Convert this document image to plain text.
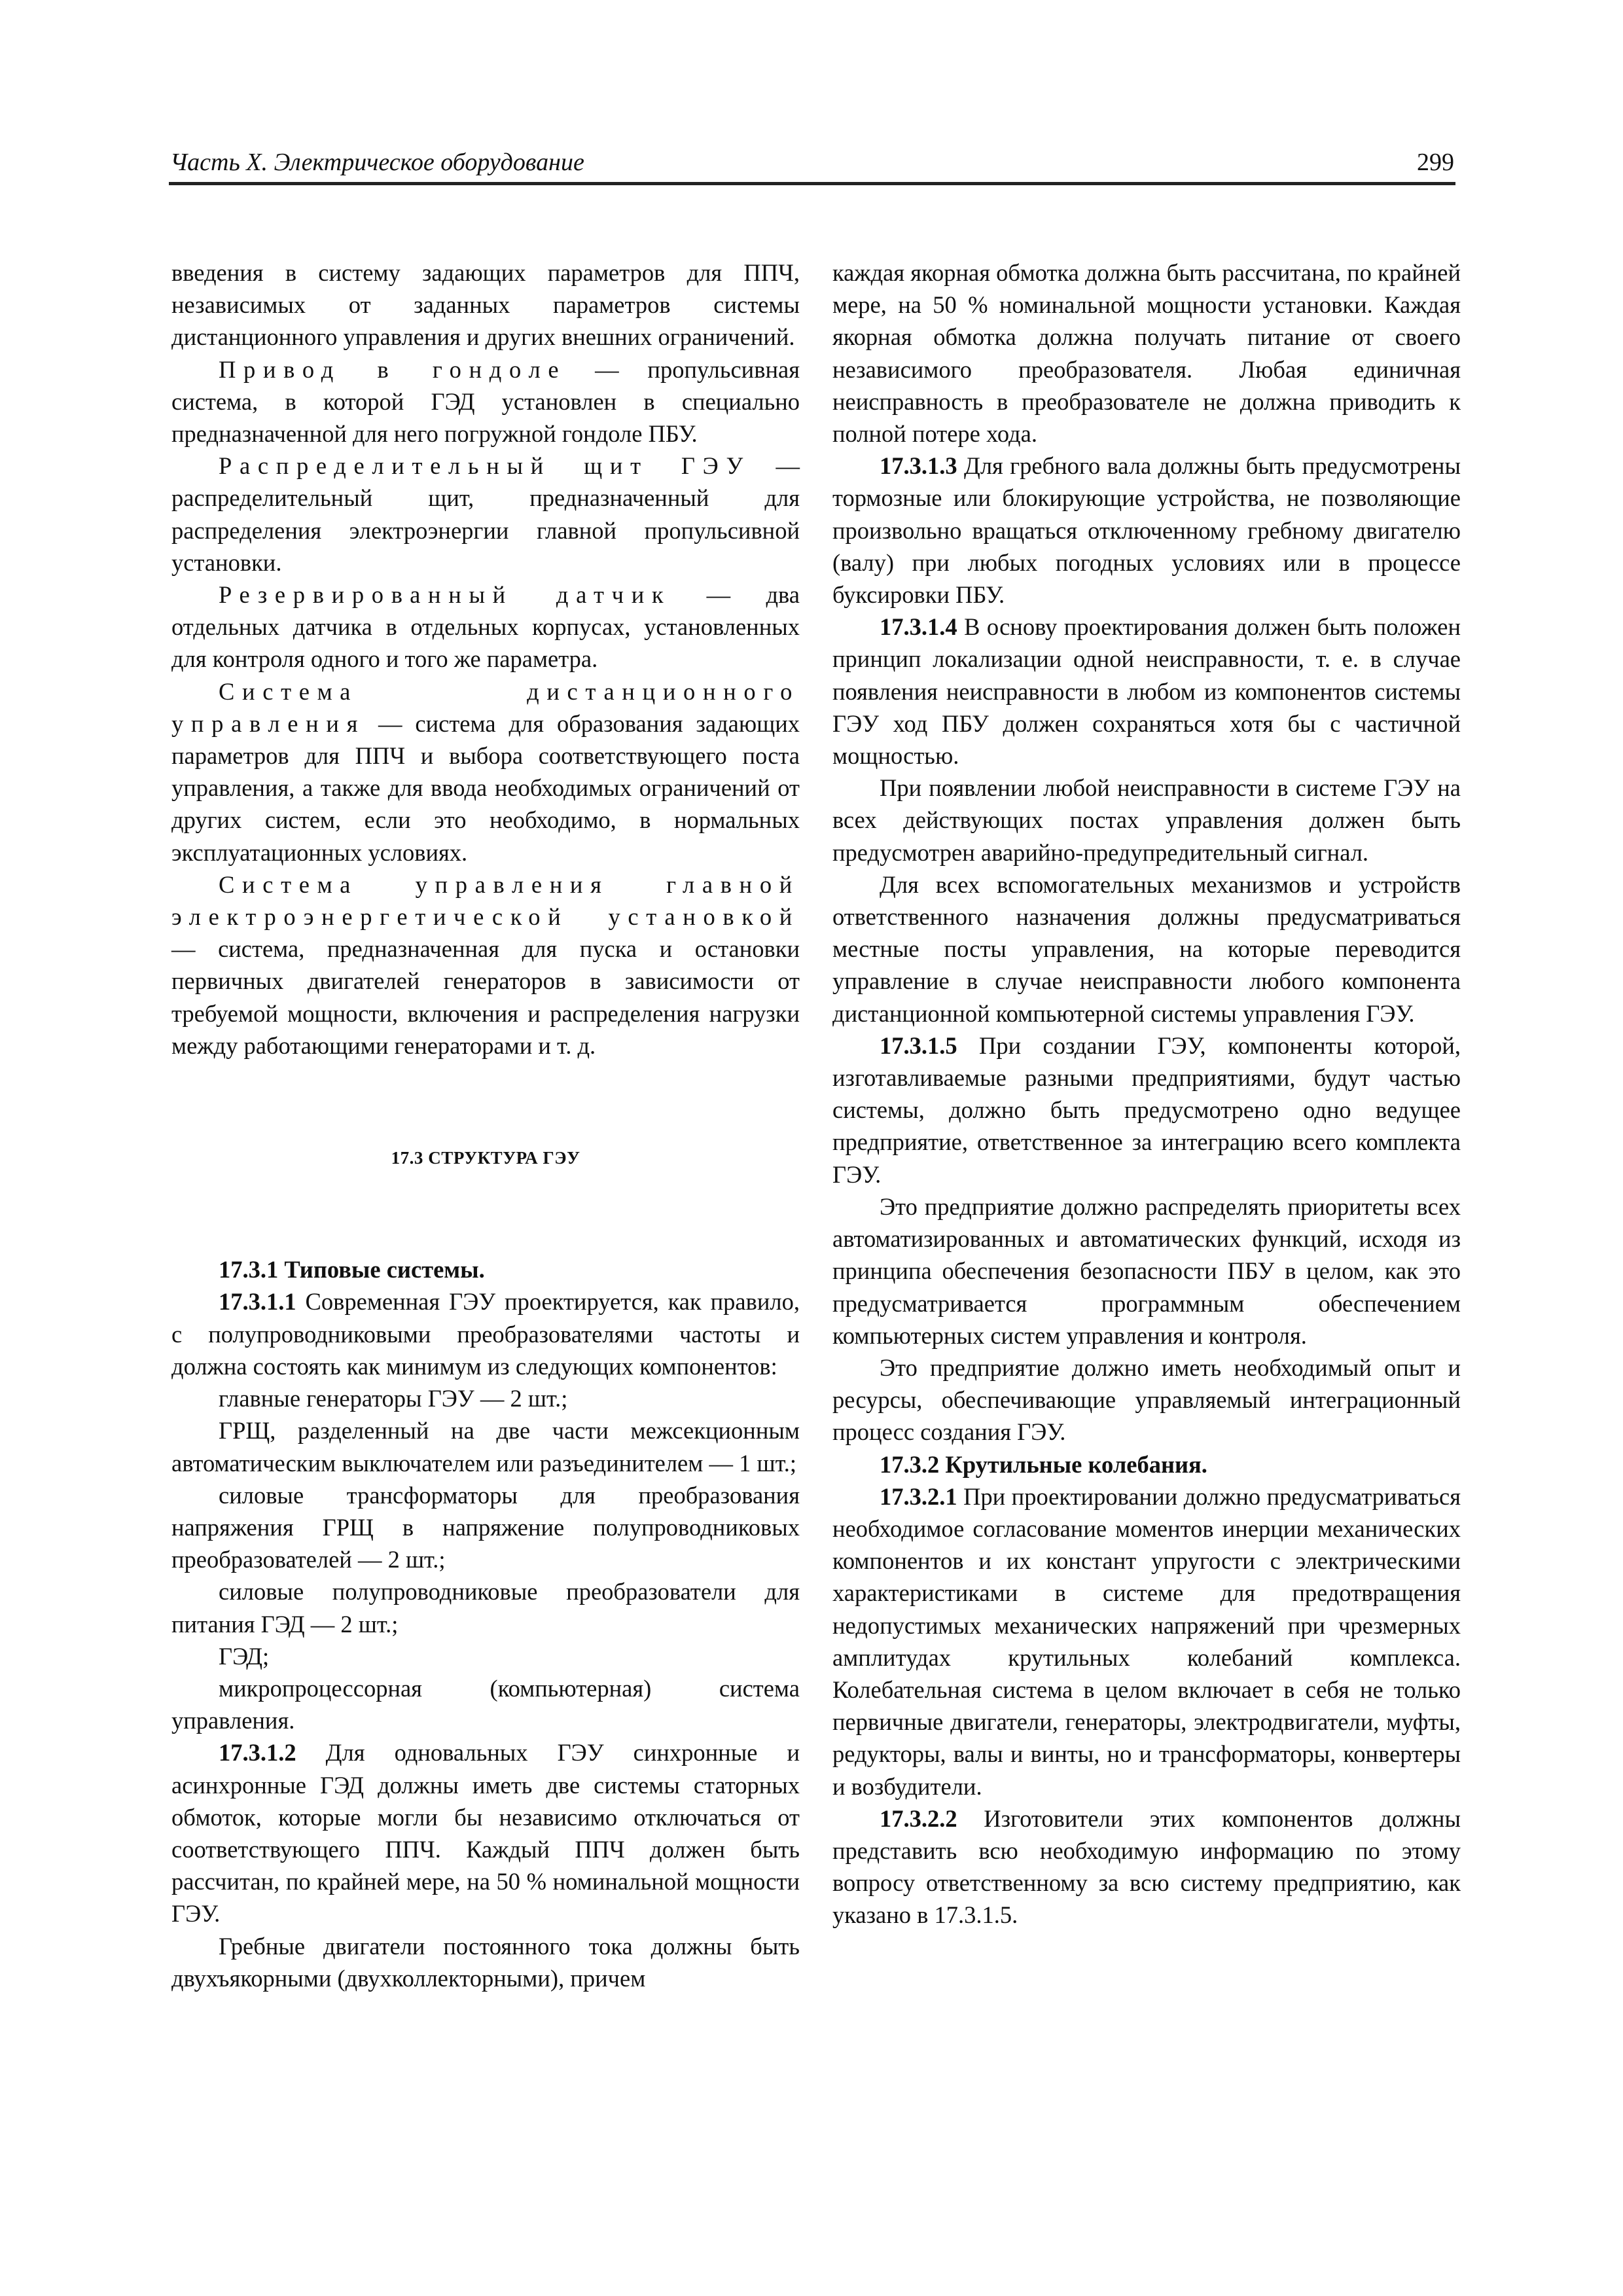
Часть X. Электрическое оборудование	299

введения в систему задающих параметров для ППЧ, независимых от заданных параметров системы дистанционного управления и других внешних ограничений.

Привод в гондоле — пропульсивная система, в которой ГЭД установлен в специально предназначенной для него погружной гондоле ПБУ.

Распределительный щит ГЭУ — распределительный щит, предназначенный для распределения электроэнергии главной пропульсивной установки.

Резервированный датчик — два отдельных датчика в отдельных корпусах, установленных для контроля одного и того же параметра.

Система дистанционного управления — система для образования задающих параметров для ППЧ и выбора соответствующего поста управления, а также для ввода необходимых ограничений от других систем, если это необходимо, в нормальных эксплуатационных условиях.

Система управления главной электроэнергетической установкой — система, предназначенная для пуска и остановки первичных двигателей генераторов в зависимости от требуемой мощности, включения и распределения нагрузки между работающими генераторами и т. д.

17.3 СТРУКТУРА ГЭУ

17.3.1 Типовые системы.

17.3.1.1 Современная ГЭУ проектируется, как правило, с полупроводниковыми преобразователями частоты и должна состоять как минимум из следующих компонентов:

главные генераторы ГЭУ — 2 шт.;

ГРЩ, разделенный на две части межсекционным автоматическим выключателем или разъединителем — 1 шт.;

силовые трансформаторы для преобразования напряжения ГРЩ в напряжение полупроводниковых преобразователей — 2 шт.;

силовые полупроводниковые преобразователи для питания ГЭД — 2 шт.;

ГЭД;

микропроцессорная (компьютерная) система управления.

17.3.1.2 Для одновальных ГЭУ синхронные и асинхронные ГЭД должны иметь две системы статорных обмоток, которые могли бы независимо отключаться от соответствующего ППЧ. Каждый ППЧ должен быть рассчитан, по крайней мере, на 50 % номинальной мощности ГЭУ.

Гребные двигатели постоянного тока должны быть двухъякорными (двухколлекторными), причем

каждая якорная обмотка должна быть рассчитана, по крайней мере, на 50 % номинальной мощности установки. Каждая якорная обмотка должна получать питание от своего независимого преобразователя. Любая единичная неисправность в преобразователе не должна приводить к полной потере хода.

17.3.1.3 Для гребного вала должны быть предусмотрены тормозные или блокирующие устройства, не позволяющие произвольно вращаться отключенному гребному двигателю (валу) при любых погодных условиях или в процессе буксировки ПБУ.

17.3.1.4 В основу проектирования должен быть положен принцип локализации одной неисправности, т. е. в случае появления неисправности в любом из компонентов системы ГЭУ ход ПБУ должен сохраняться хотя бы с частичной мощностью.

При появлении любой неисправности в системе ГЭУ на всех действующих постах управления должен быть предусмотрен аварийно-предупредительный сигнал.

Для всех вспомогательных механизмов и устройств ответственного назначения должны предусматриваться местные посты управления, на которые переводится управление в случае неисправности любого компонента дистанционной компьютерной системы управления ГЭУ.

17.3.1.5 При создании ГЭУ, компоненты которой, изготавливаемые разными предприятиями, будут частью системы, должно быть предусмотрено одно ведущее предприятие, ответственное за интеграцию всего комплекта ГЭУ.

Это предприятие должно распределять приоритеты всех автоматизированных и автоматических функций, исходя из принципа обеспечения безопасности ПБУ в целом, как это предусматривается программным обеспечением компьютерных систем управления и контроля.

Это предприятие должно иметь необходимый опыт и ресурсы, обеспечивающие управляемый интеграционный процесс создания ГЭУ.

17.3.2 Крутильные колебания.

17.3.2.1 При проектировании должно предусматриваться необходимое согласование моментов инерции механических компонентов и их констант упругости с электрическими характеристиками в системе для предотвращения недопустимых механических напряжений при чрезмерных амплитудах крутильных колебаний комплекса. Колебательная система в целом включает в себя не только первичные двигатели, генераторы, электродвигатели, муфты, редукторы, валы и винты, но и трансформаторы, конвертеры и возбудители.

17.3.2.2 Изготовители этих компонентов должны представить всю необходимую информацию по этому вопросу ответственному за всю систему предприятию, как указано в 17.3.1.5.
